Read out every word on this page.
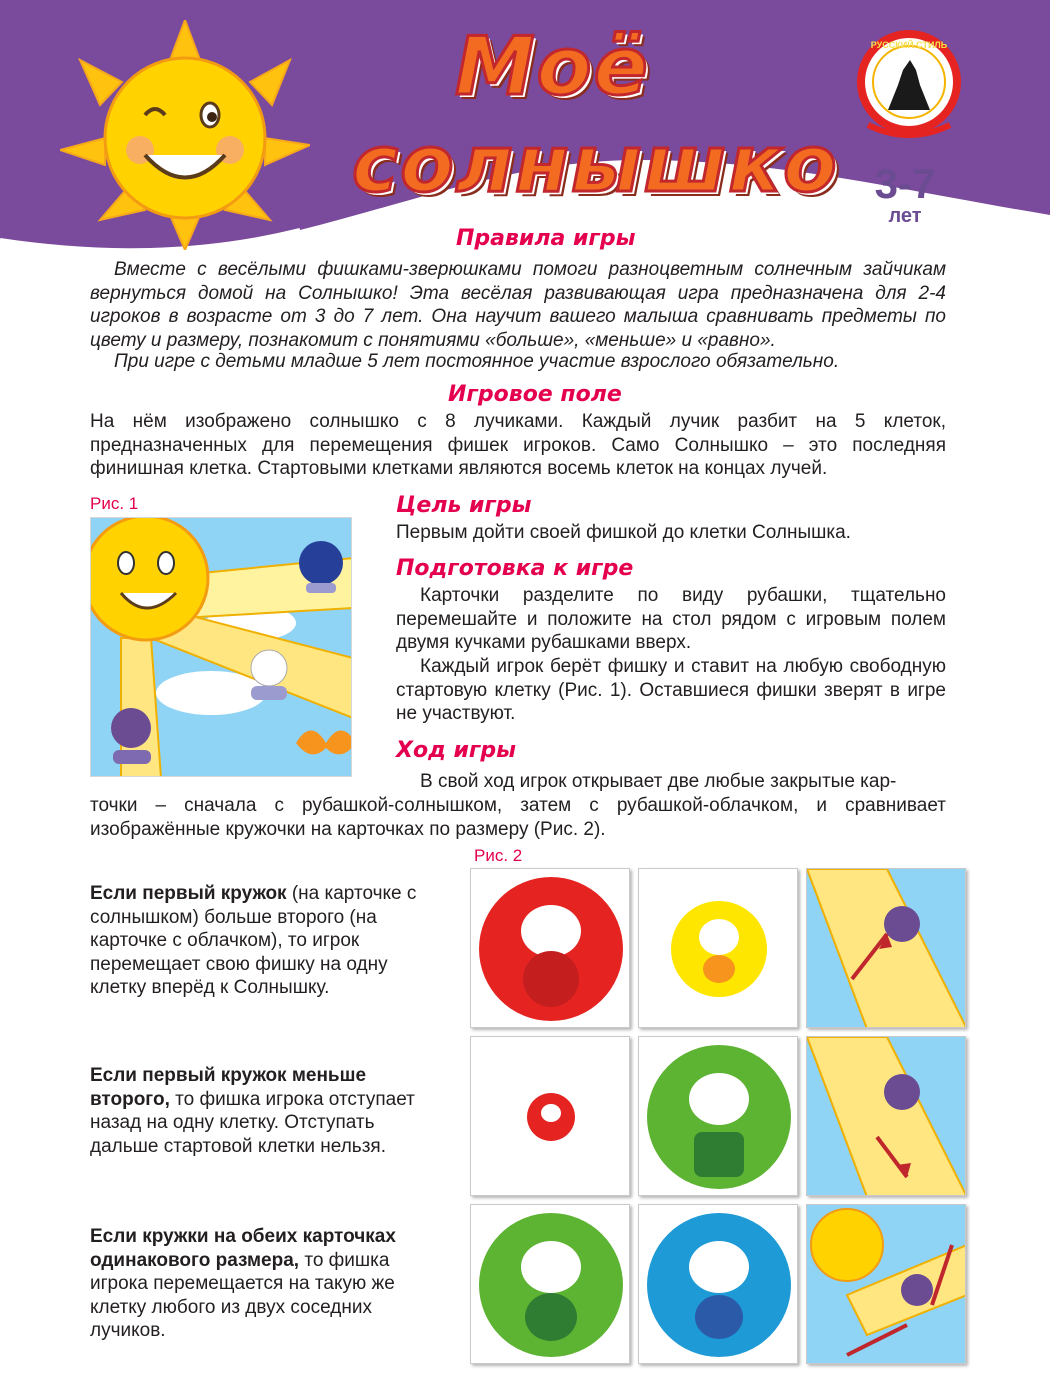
Моё
солнышко
РУССКИЙ СТИЛЬ
3-7
лет
Правила игры
Вместе с весёлыми фишками-зверюшками помоги разноцветным солнечным зайчикам вернуться домой на Солнышко! Эта весёлая развивающая игра предназначена для 2-4 игроков в возрасте от 3 до 7 лет. Она научит вашего малыша сравнивать предметы по цвету и размеру, познакомит с понятиями «больше», «меньше» и «равно».
При игре с детьми младше 5 лет постоянное участие взрослого обязательно.
Игровое поле
На нём изображено солнышко с 8 лучиками. Каждый лучик разбит на 5 клеток, предназначенных для перемещения фишек игроков. Само Солнышко – это последняя финишная клетка. Стартовыми клетками являются восемь клеток на концах лучей.
Рис. 1	Цель игры
Первым дойти своей фишкой до клетки Солнышка.
Подготовка к игре
Карточки разделите по виду рубашки, тщательно перемешайте и положите на стол рядом с игровым полем двумя кучками рубашками вверх.
Каждый игрок берёт фишку и ставит на любую свободную стартовую клетку (Рис. 1). Оставшиеся фишки зверят в игре не участвуют.
Ход игры
В свой ход игрок открывает две любые закрытые кар-
точки – сначала с рубашкой-солнышком, затем с рубашкой-облачком, и сравнивает изображённые кружочки на карточках по размеру (Рис. 2).
Рис. 2
Если первый кружок (на карточке с солнышком) больше второго (на карточке с облачком), то игрок перемещает свою фишку на одну клетку вперёд к Солнышку.
Если первый кружок меньше второго, то фишка игрока отступает назад на одну клетку. Отступать дальше стартовой клетки нельзя.
Если кружки на обеих карточках одинакового размера, то фишка игрока перемещается на такую же клетку любого из двух соседних лучиков.
